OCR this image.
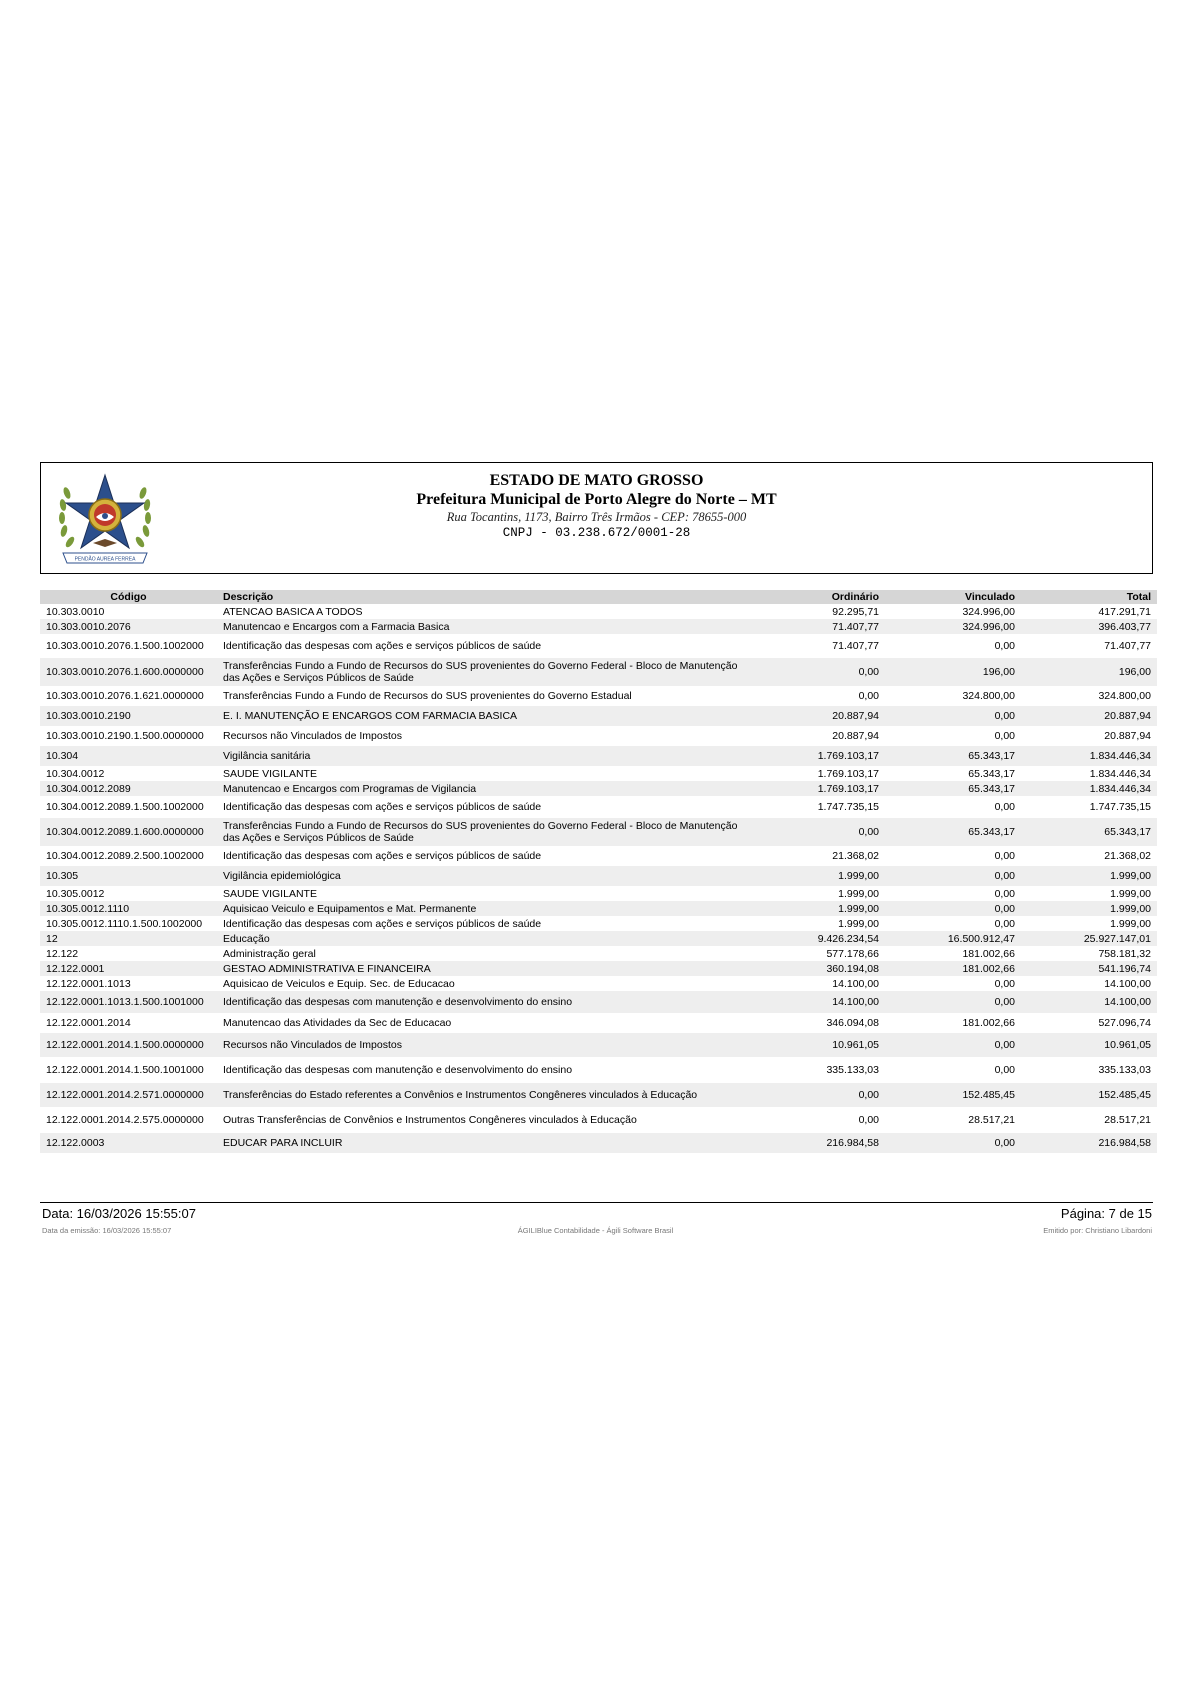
PENDÃO AUREA FERREA
ESTADO DE MATO GROSSO
Prefeitura Municipal de Porto Alegre do Norte – MT
Rua Tocantins, 1173, Bairro Três Irmãos - CEP: 78655-000
CNPJ - 03.238.672/0001-28
Código	Descrição	Ordinário	Vinculado	Total
10.303.0010	ATENCAO BASICA A TODOS	92.295,71	324.996,00	417.291,71
10.303.0010.2076	Manutencao e Encargos com a Farmacia Basica	71.407,77	324.996,00	396.403,77
10.303.0010.2076.1.500.1002000	Identificação das despesas com ações e serviços públicos de saúde	71.407,77	0,00	71.407,77
10.303.0010.2076.1.600.0000000	Transferências Fundo a Fundo de Recursos do SUS provenientes do Governo Federal - Bloco de Manutenção das Ações e Serviços Públicos de Saúde	0,00	196,00	196,00
10.303.0010.2076.1.621.0000000	Transferências Fundo a Fundo de Recursos do SUS provenientes do Governo Estadual	0,00	324.800,00	324.800,00
10.303.0010.2190	E. I. MANUTENÇÃO E ENCARGOS COM FARMACIA BASICA	20.887,94	0,00	20.887,94
10.303.0010.2190.1.500.0000000	Recursos não Vinculados de Impostos	20.887,94	0,00	20.887,94
10.304	Vigilância sanitária	1.769.103,17	65.343,17	1.834.446,34
10.304.0012	SAUDE VIGILANTE	1.769.103,17	65.343,17	1.834.446,34
10.304.0012.2089	Manutencao e Encargos com Programas de Vigilancia	1.769.103,17	65.343,17	1.834.446,34
10.304.0012.2089.1.500.1002000	Identificação das despesas com ações e serviços públicos de saúde	1.747.735,15	0,00	1.747.735,15
10.304.0012.2089.1.600.0000000	Transferências Fundo a Fundo de Recursos do SUS provenientes do Governo Federal - Bloco de Manutenção das Ações e Serviços Públicos de Saúde	0,00	65.343,17	65.343,17
10.304.0012.2089.2.500.1002000	Identificação das despesas com ações e serviços públicos de saúde	21.368,02	0,00	21.368,02
10.305	Vigilância epidemiológica	1.999,00	0,00	1.999,00
10.305.0012	SAUDE VIGILANTE	1.999,00	0,00	1.999,00
10.305.0012.1110	Aquisicao Veiculo e Equipamentos e Mat. Permanente	1.999,00	0,00	1.999,00
10.305.0012.1110.1.500.1002000	Identificação das despesas com ações e serviços públicos de saúde	1.999,00	0,00	1.999,00
12	Educação	9.426.234,54	16.500.912,47	25.927.147,01
12.122	Administração geral	577.178,66	181.002,66	758.181,32
12.122.0001	GESTAO ADMINISTRATIVA E FINANCEIRA	360.194,08	181.002,66	541.196,74
12.122.0001.1013	Aquisicao de Veiculos e Equip. Sec. de Educacao	14.100,00	0,00	14.100,00
12.122.0001.1013.1.500.1001000	Identificação das despesas com manutenção e desenvolvimento do ensino	14.100,00	0,00	14.100,00
12.122.0001.2014	Manutencao das Atividades da Sec de Educacao	346.094,08	181.002,66	527.096,74
12.122.0001.2014.1.500.0000000	Recursos não Vinculados de Impostos	10.961,05	0,00	10.961,05
12.122.0001.2014.1.500.1001000	Identificação das despesas com manutenção e desenvolvimento do ensino	335.133,03	0,00	335.133,03
12.122.0001.2014.2.571.0000000	Transferências do Estado referentes a Convênios e Instrumentos Congêneres vinculados à Educação	0,00	152.485,45	152.485,45
12.122.0001.2014.2.575.0000000	Outras Transferências de Convênios e Instrumentos Congêneres vinculados à Educação	0,00	28.517,21	28.517,21
12.122.0003	EDUCAR PARA INCLUIR	216.984,58	0,00	216.984,58
Data: 16/03/2026 15:55:07	Página: 7 de 15
Data da emissão: 16/03/2026 15:55:07	ÁGILIBlue Contabilidade - Ágili Software Brasil	Emitido por: Christiano Libardoni
